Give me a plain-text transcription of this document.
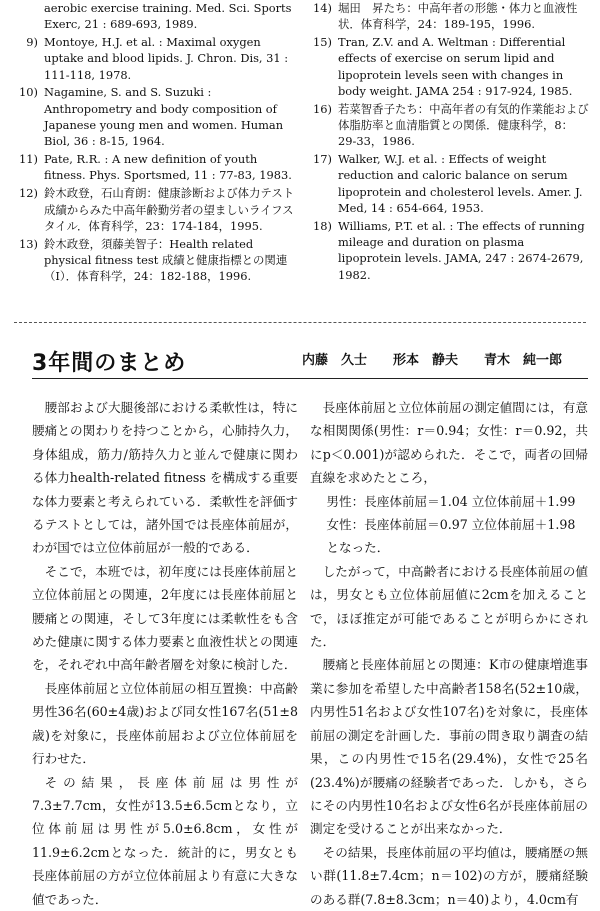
aerobic exercise training. Med. Sci. Sports Exerc, 21 : 689-693, 1989.
9) Montoye, H.J. et al. : Maximal oxygen uptake and blood lipids. J. Chron. Dis, 31 : 111-118, 1978.
10) Nagamine, S. and S. Suzuki : Anthropometry and body composition of Japanese young men and women. Human Biol, 36 : 8-15, 1964.
11) Pate, R.R. : A new definition of youth fitness. Phys. Sportsmed, 11 : 77-83, 1983.
12) 鈴木政登，石山育朗：健康診断および体力テスト成績からみた中高年齢勤労者の望ましいライフスタイル．体育科学，23：174-184，1995.
13) 鈴木政登，須藤美智子：Health related physical fitness test 成績と健康指標との関連（Ⅰ）．体育科学，24：182-188，1996.
14) 堀田　昇たち：中高年者の形態・体力と血液性状．体育科学，24：189-195，1996.
15) Tran, Z.V. and A. Weltman : Differential effects of exercise on serum lipid and lipoprotein levels seen with changes in body weight. JAMA 254 : 917-924, 1985.
16) 若菜智香子たち：中高年者の有気的作業能および体脂肪率と血清脂質との関係．健康科学，8：29-33，1986.
17) Walker, W.J. et al. : Effects of weight reduction and caloric balance on serum lipoprotein and cholesterol levels. Amer. J. Med, 14 : 654-664, 1953.
18) Williams, P.T. et al. : The effects of running mileage and duration on plasma lipoprotein levels. JAMA, 247 : 2674-2679, 1982.
3年間のまとめ	内藤　久士 形本　静夫 青木　純一郎

腰部および大腿後部における柔軟性は，特に腰痛との関わりを持つことから，心肺持久力，身体組成，筋力/筋持久力と並んで健康に関わる体力health-related fitness を構成する重要な体力要素と考えられている．柔軟性を評価するテストとしては，諸外国では長座体前屈が，わが国では立位体前屈が一般的である．

そこで，本班では，初年度には長座体前屈と立位体前屈との関連，2年度には長座体前屈と腰痛との関連，そして3年度には柔軟性をも含めた健康に関する体力要素と血液性状との関連を，それぞれ中高年齢者層を対象に検討した．

長座体前屈と立位体前屈の相互置換：中高齢男性36名(60±4歳)および同女性167名(51±8歳)を対象に，長座体前屈および立位体前屈を行わせた．

その結果，長座体前屈は男性が7.3±7.7cm，女性が13.5±6.5cmとなり，立位体前屈は男性が5.0±6.8cm，女性が11.9±6.2cmとなった．統計的に，男女とも長座体前屈の方が立位体前屈より有意に大きな値であった．

長座体前屈と立位体前屈の測定値間には，有意な相関関係(男性：r＝0.94；女性：r＝0.92，共にp＜0.001)が認められた．そこで，両者の回帰直線を求めたところ，

男性：長座体前屈＝1.04 立位体前屈＋1.99

女性：長座体前屈＝0.97 立位体前屈＋1.98

となった．

したがって，中高齢者における長座体前屈の値は，男女とも立位体前屈値に2cmを加えることで，ほぼ推定が可能であることが明らかにされた．

腰痛と長座体前屈との関連：K市の健康増進事業に参加を希望した中高齢者158名(52±10歳，内男性51名および女性107名)を対象に，長座体前屈の測定を計画した．事前の問き取り調査の結果，この内男性で15名(29.4%)，女性で25名(23.4%)が腰痛の経験者であった．しかも，さらにその内男性10名および女性6名が長座体前屈の測定を受けることが出来なかった．

その結果，長座体前屈の平均値は，腰痛歴の無い群(11.8±7.4cm；n＝102)の方が，腰痛経験のある群(7.8±8.3cm；n＝40)より，4.0cm有
